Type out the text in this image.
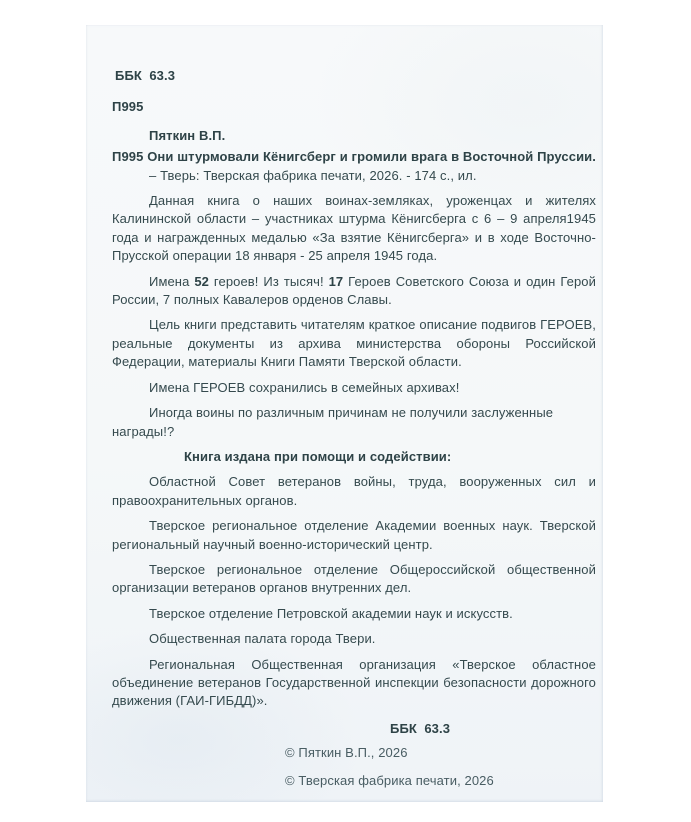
ББК  63.3
П995
Пяткин В.П.

П995 Они штурмовали Кёнигсберг и громили врага в Восточной Пруссии. – Тверь: Тверская фабрика печати, 2026. - 174 с., ил.

Данная книга о наших воинах-земляках, уроженцах и жителях Калининской области – участниках штурма Кёнигсберга с 6 – 9 апреля1945 года и награжденных медалью «За взятие Кёнигсберга» и в ходе Восточно-Прусской операции 18 января - 25 апреля 1945 года.

Имена 52 героев! Из тысяч! 17 Героев Советского Союза и один Герой России, 7 полных Кавалеров орденов Славы.

Цель книги представить читателям краткое описание подвигов ГЕРОЕВ, реальные документы из архива министерства обороны Российской Федерации, материалы Книги Памяти Тверской области.

Имена ГЕРОЕВ сохранились в семейных архивах!

Иногда воины по различным причинам не получили заслуженные награды!?

Книга издана при помощи и содействии:

Областной Совет ветеранов войны, труда, вооруженных сил и правоохранительных органов.

Тверское региональное отделение Академии военных наук. Тверской региональный научный военно-исторический центр.

Тверское региональное отделение Общероссийской общественной организации ветеранов органов внутренних дел.

Тверское отделение Петровской академии наук и искусств.

Общественная палата города Твери.

Региональная Общественная организация «Тверское областное объединение ветеранов Государственной инспекции безопасности дорожного движения (ГАИ-ГИБДД)».

ББК  63.3
© Пяткин В.П., 2026
© Тверская фабрика печати, 2026
